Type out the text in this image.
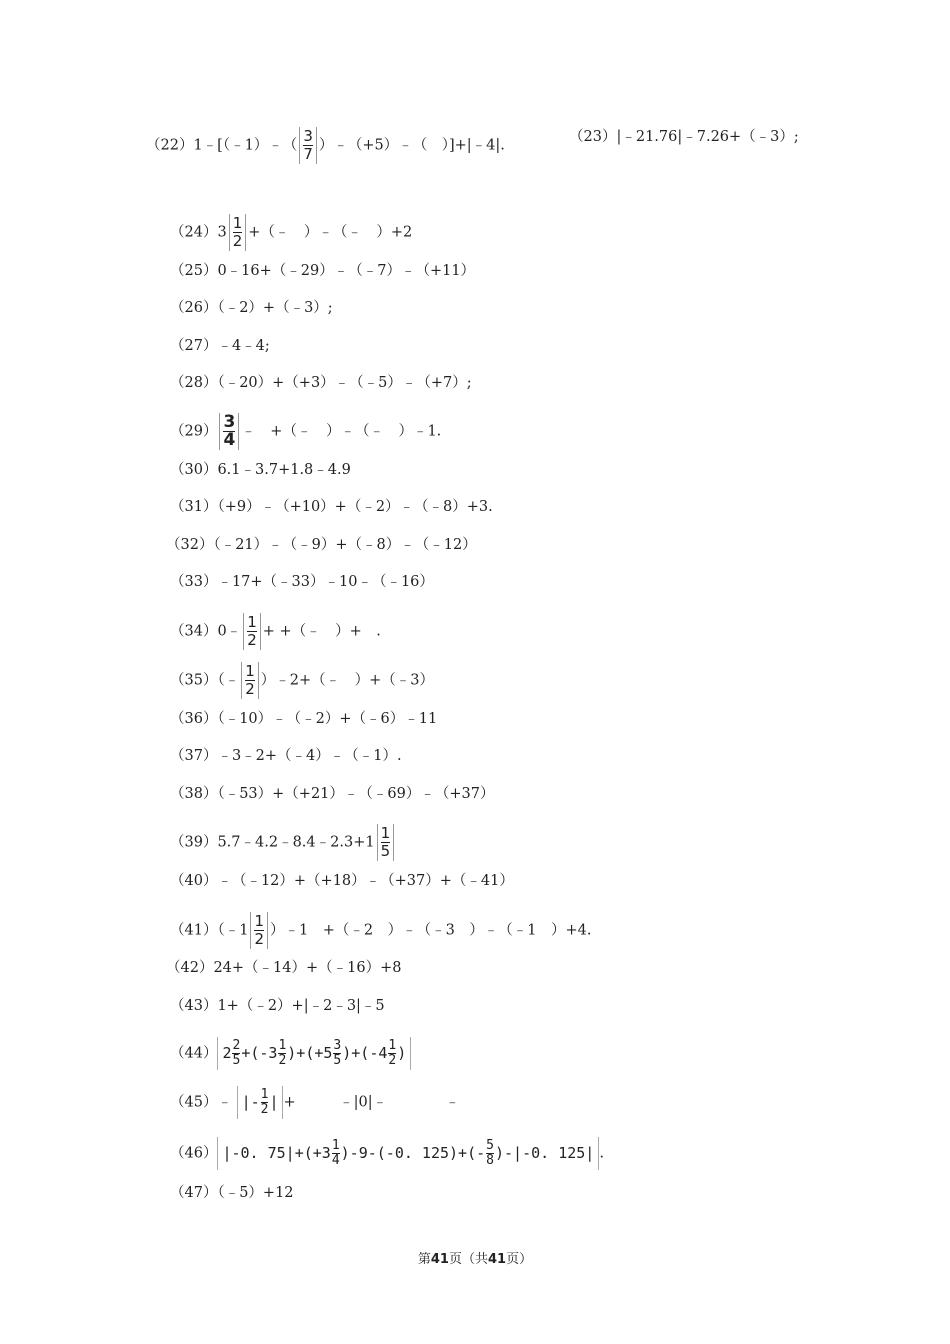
（22）1﹣[（﹣1）﹣（ $\frac{3}{7}$ ）﹣（+5）﹣（　）]+|﹣4|.
（23）|﹣21.76|﹣7.26+（﹣3）;
$(24)3 \frac{1}{2}$ +（﹣　）﹣（﹣　）+2
（25）0﹣16+（﹣29）﹣（﹣7）﹣（+11）
（26）（﹣2）+（﹣3）;
（27）﹣4﹣4;
（28）（﹣20）+（+3）﹣（﹣5）﹣（+7）;
$(29) \frac{3}{4}$ ﹣　+（﹣　）﹣（﹣　）﹣1.
（30）6.1﹣3.7+1.8﹣4.9
（31）（+9）﹣（+10）+（﹣2）﹣（﹣8）+3.
（32）（﹣21）﹣（﹣9）+（﹣8）﹣（﹣12）
（33）﹣17+（﹣33）﹣10﹣（﹣16）
（34）0﹣ $\frac{1}{2}$ + +（﹣　）+　.
（35）（﹣ $\frac{1}{2}$ ）﹣2+（﹣　）+（﹣3）
（36）（﹣10）﹣（﹣2）+（﹣6）﹣11
（37）﹣3﹣2+（﹣4）﹣（﹣1）.
（38）（﹣53）+（+21）﹣（﹣69）﹣（+37）
（39）5.7﹣4.2﹣8.4﹣2.3+1 $\frac{1}{5}$
（40）﹣（﹣12）+（+18）﹣（+37）+（﹣41）
（41）（﹣1 $\frac{1}{2}$ ）﹣1　+（﹣2　）﹣（﹣3　）﹣（﹣1　）+4.
（42）24+（﹣14）+（﹣16）+8
（43）1+（﹣2）+|﹣2﹣3|﹣5
（44） $2 \frac{2}{5} +(-3 \frac{1}{2} )+(+5 \frac{3}{5} )+(-4 \frac{1}{2}$ )
（45）﹣ |- $\frac{1}{2}$ | +　　　﹣|0|﹣　　　　﹣
（46） |-0. $75|+(+3 \frac{1}{4} )-9-(-0$. $125)+(- \frac{5}{8} )-|-0$. 125| .
（47）（﹣5）+12
第41页（共41页）
